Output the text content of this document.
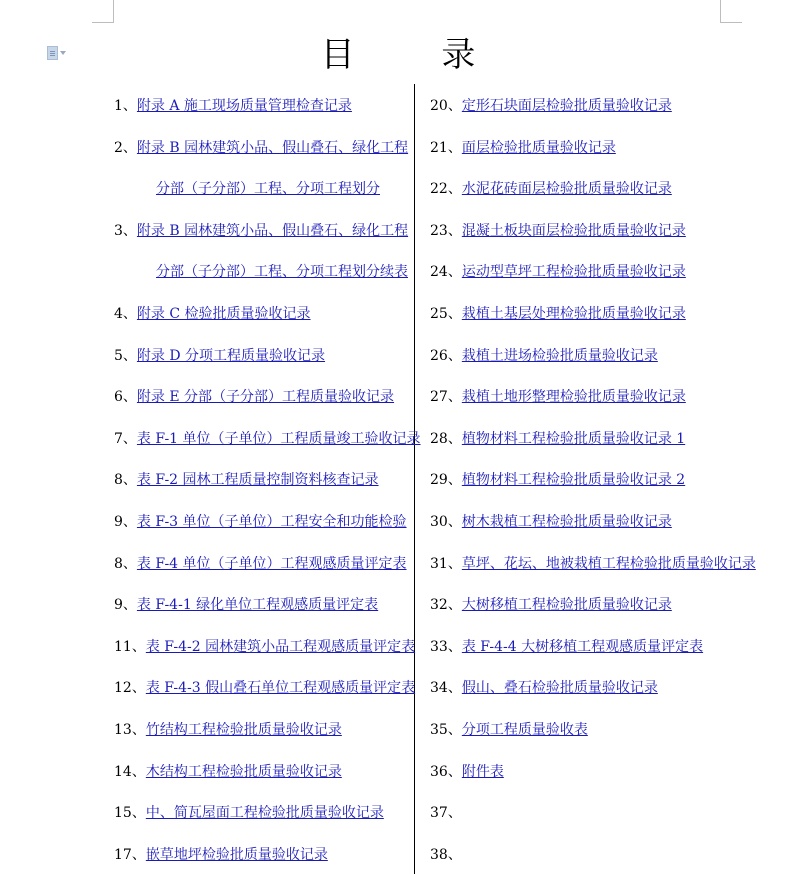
目 录
1、附录 A 施工现场质量管理检查记录
2、附录 B 园林建筑小品、假山叠石、绿化工程
分部（子分部）工程、分项工程划分
3、附录 B 园林建筑小品、假山叠石、绿化工程
分部（子分部）工程、分项工程划分续表
4、附录 C 检验批质量验收记录
5、附录 D 分项工程质量验收记录
6、附录 E 分部（子分部）工程质量验收记录
7、表 F-1 单位（子单位）工程质量竣工验收记录
8、表 F-2 园林工程质量控制资料核查记录
9、表 F-3 单位（子单位）工程安全和功能检验
8、表 F-4 单位（子单位）工程观感质量评定表
9、表 F-4-1 绿化单位工程观感质量评定表
11、表 F-4-2 园林建筑小品工程观感质量评定表
12、表 F-4-3 假山叠石单位工程观感质量评定表
13、竹结构工程检验批质量验收记录
14、木结构工程检验批质量验收记录
15、中、简瓦屋面工程检验批质量验收记录
17、嵌草地坪检验批质量验收记录
20、定形石块面层检验批质量验收记录
21、面层检验批质量验收记录
22、水泥花砖面层检验批质量验收记录
23、混凝土板块面层检验批质量验收记录
24、运动型草坪工程检验批质量验收记录
25、栽植土基层处理检验批质量验收记录
26、栽植土进场检验批质量验收记录
27、栽植土地形整理检验批质量验收记录
28、植物材料工程检验批质量验收记录 1
29、植物材料工程检验批质量验收记录 2
30、树木栽植工程检验批质量验收记录
31、草坪、花坛、地被栽植工程检验批质量验收记录
32、大树移植工程检验批质量验收记录
33、表 F-4-4 大树移植工程观感质量评定表
34、假山、叠石检验批质量验收记录
35、分项工程质量验收表
36、附件表
37、
38、
